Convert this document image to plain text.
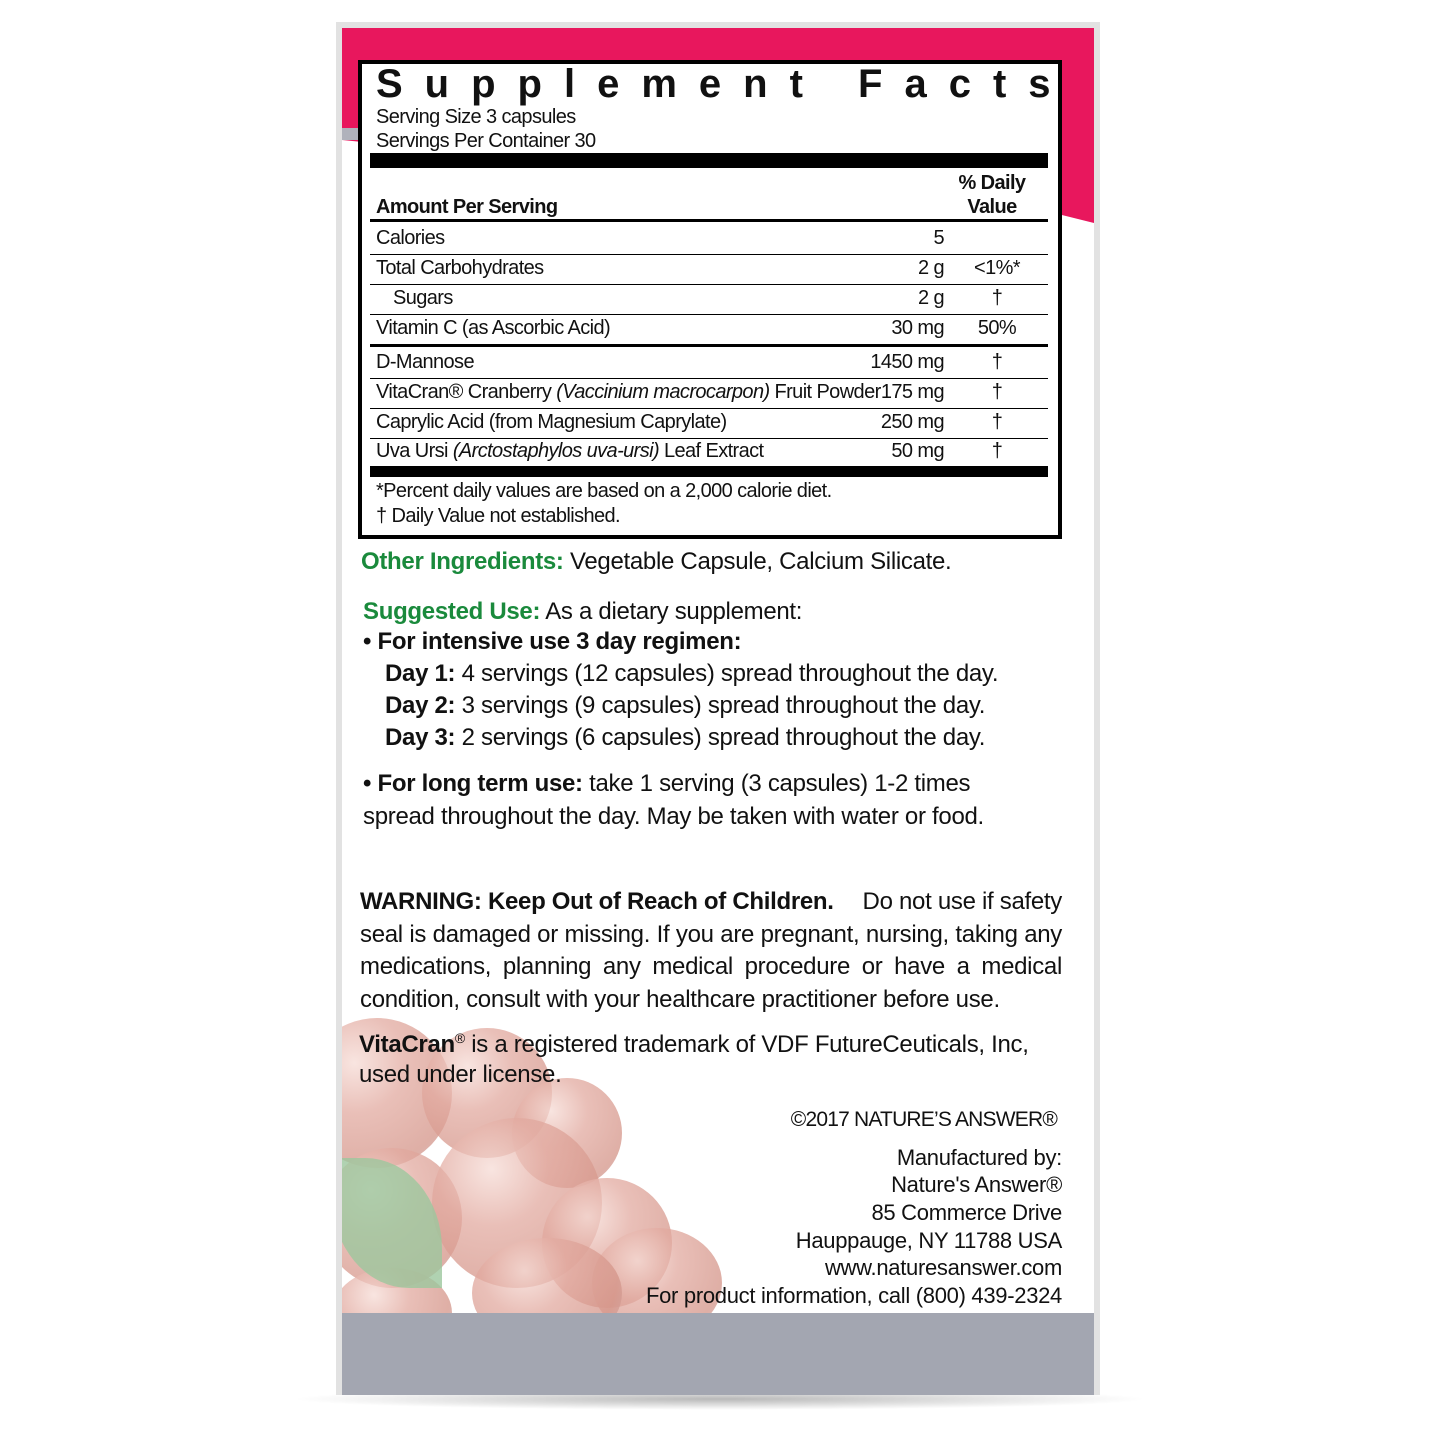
Supplement Facts
Serving Size 3 capsules
Servings Per Container 30
Amount Per Serving
% Daily
Value
Calories	5
Total Carbohydrates	2 g	<1%*
Sugars	2 g	†
Vitamin C (as Ascorbic Acid)	30 mg	50%
D-Mannose	1450 mg	†
VitaCran® Cranberry (Vaccinium macrocarpon) Fruit Powder 175 mg	†
Caprylic Acid (from Magnesium Caprylate)	250 mg	†
Uva Ursi (Arctostaphylos uva-ursi) Leaf Extract	50 mg	†
*Percent daily values are based on a 2,000 calorie diet.
† Daily Value not established.
Other Ingredients: Vegetable Capsule, Calcium Silicate.
Suggested Use: As a dietary supplement:
• For intensive use 3 day regimen:
Day 1: 4 servings (12 capsules) spread throughout the day.
Day 2: 3 servings (9 capsules) spread throughout the day.
Day 3: 2 servings (6 capsules) spread throughout the day.
• For long term use: take 1 serving (3 capsules) 1-2 times
spread throughout the day. May be taken with water or food.
WARNING: Keep Out of Reach of Children. Do not use if safety
seal is damaged or missing. If you are pregnant, nursing, taking any
medications, planning any medical procedure or have a medical
condition, consult with your healthcare practitioner before use.
VitaCran® is a registered trademark of VDF FutureCeuticals, Inc,
used under license.
©2017 NATURE’S ANSWER®
Manufactured by:
Nature's Answer®
85 Commerce Drive
Hauppauge, NY 11788 USA
www.naturesanswer.com
For product information, call (800) 439-2324
